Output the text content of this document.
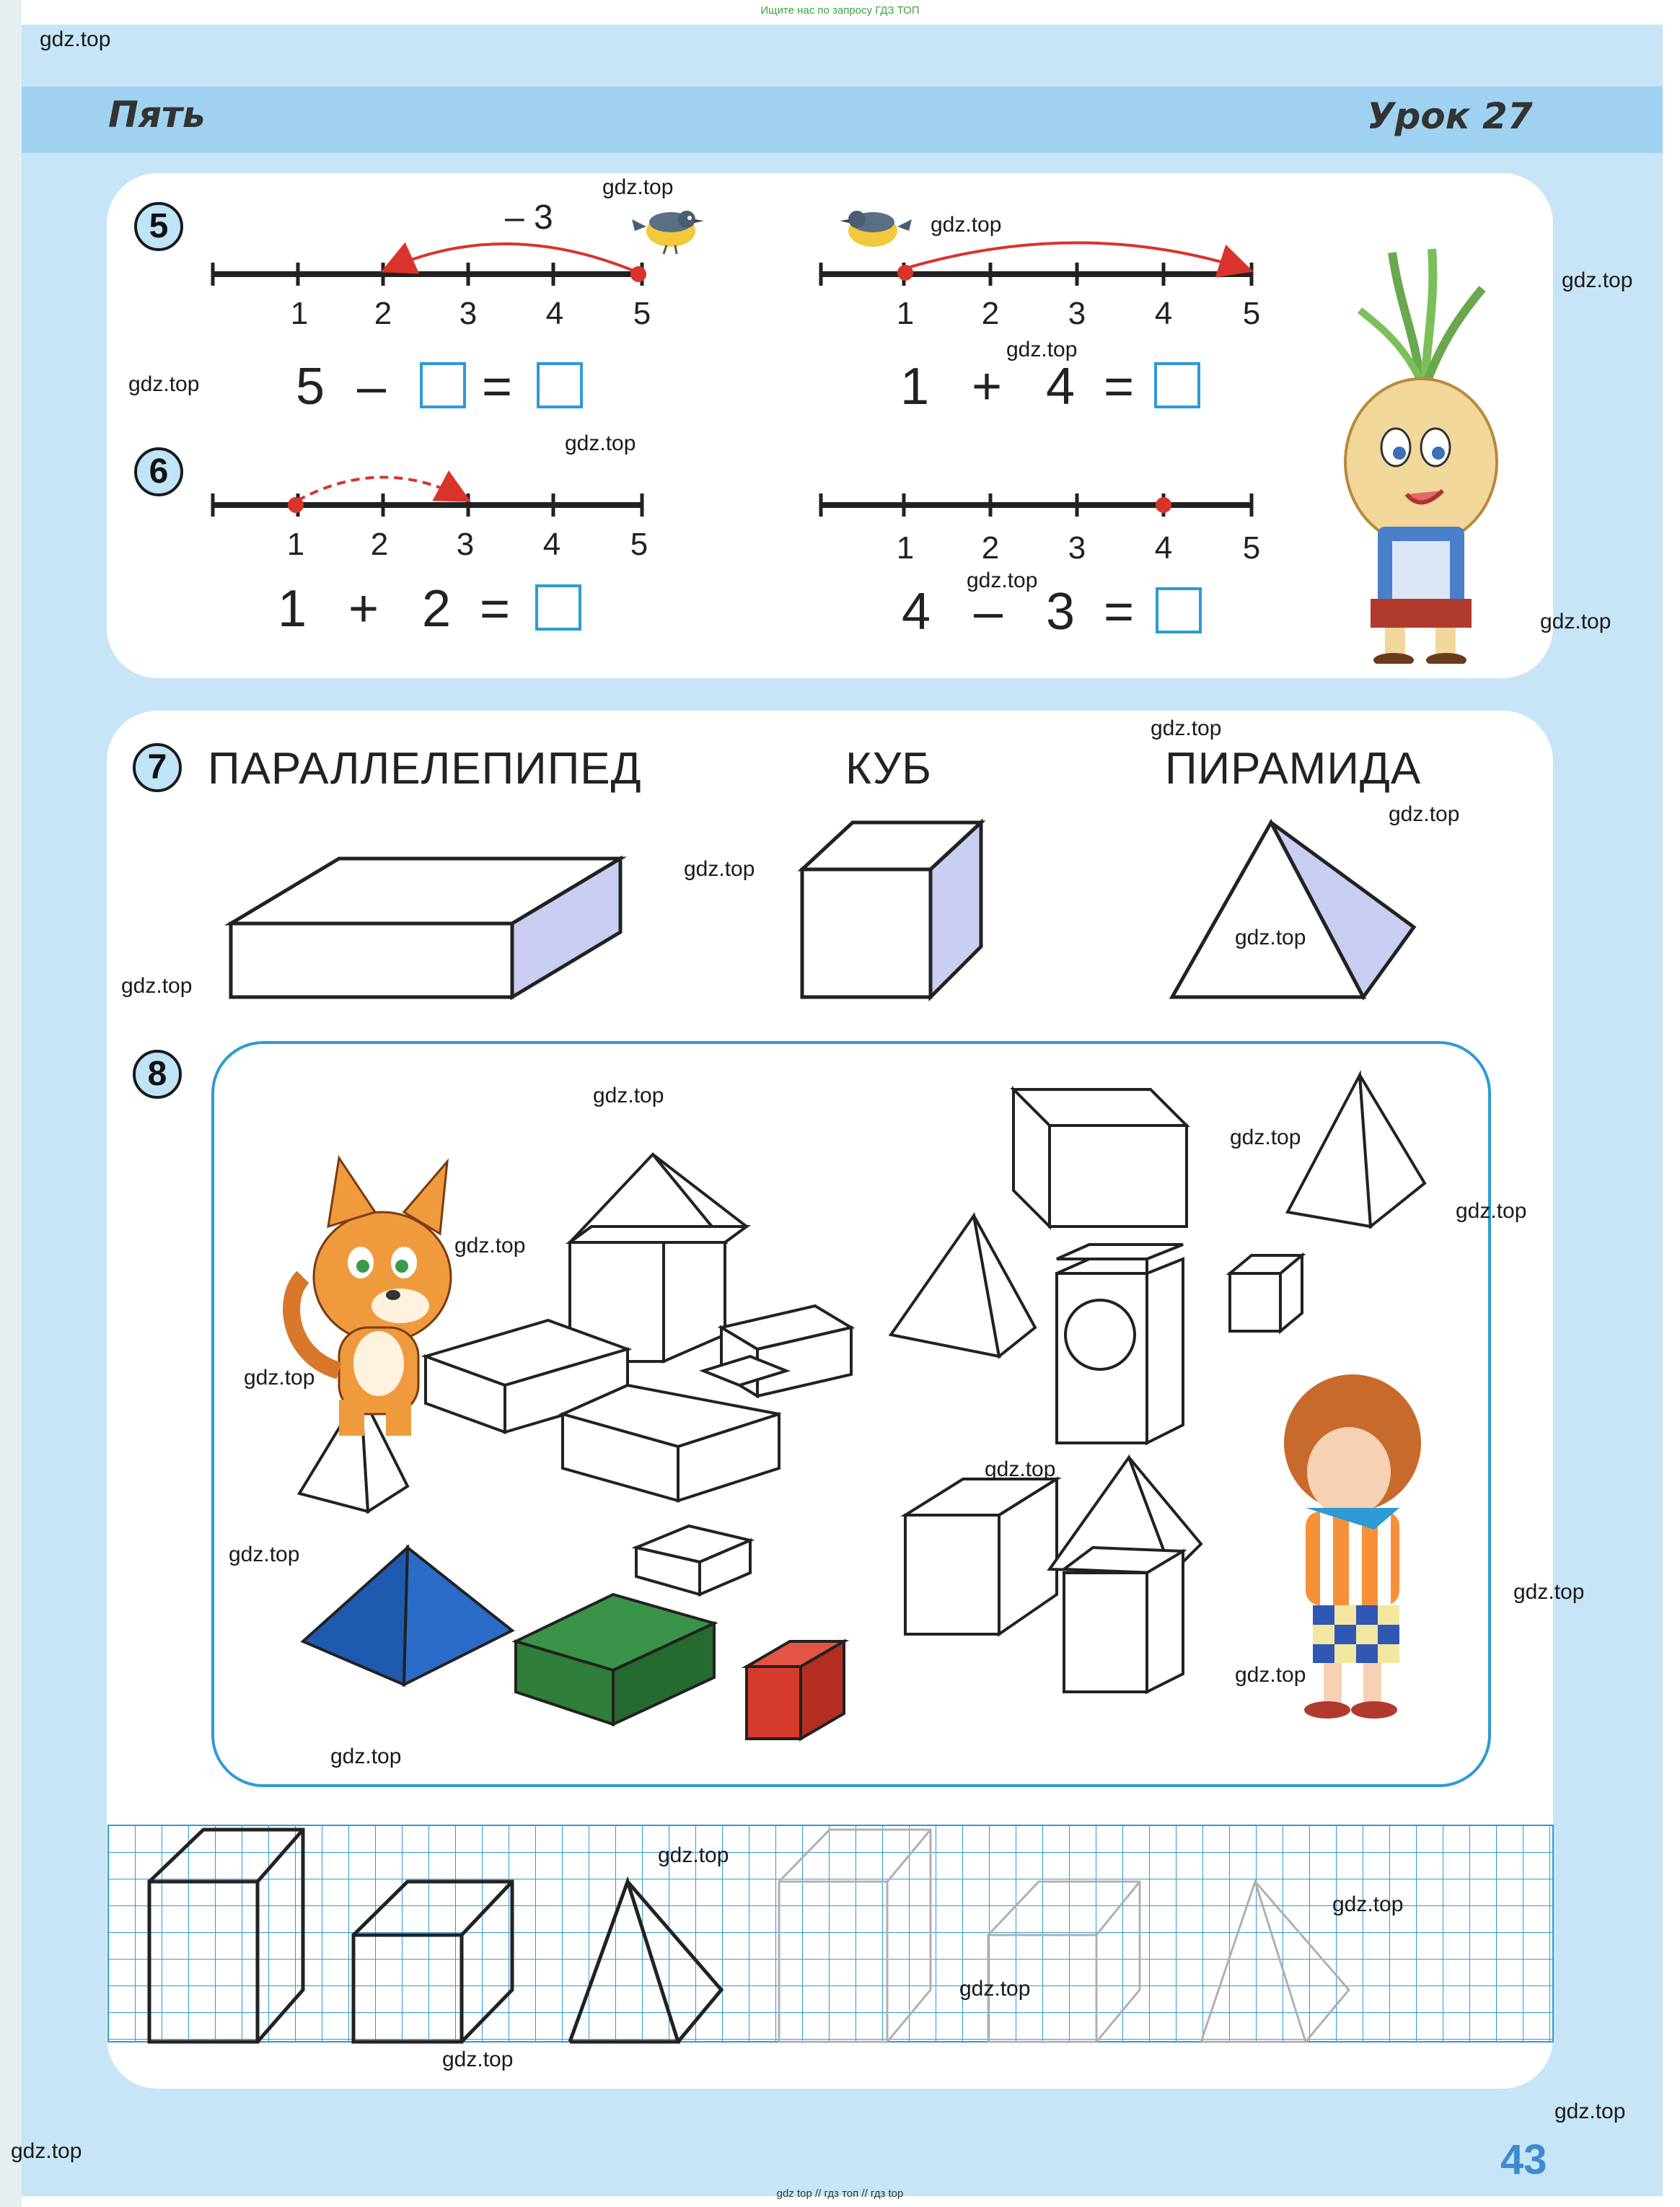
Ищите нас по запросу ГДЗ ТОП
gdz top // гдз топ // гдз top
Пять	Урок 27
5	– 3
1 2 3 4 5	1 2 3 4 5
5 – =	1 + 4 =
6
1 2 3 4 5	1 2 3 4 5
1 + 2 =	4 – 3 =
7 ПАРАЛЛЕЛЕПИПЕД	КУБ	ПИРАМИДА
8
43
gdz.top
gdz.top
gdz.top
gdz.top
gdz.top
gdz.top
gdz.top
gdz.top
gdz.top
gdz.top
gdz.top
gdz.top
gdz.top
gdz.top
gdz.top
gdz.top
gdz.top
gdz.top
gdz.top
gdz.top
gdz.top
gdz.top
gdz.top
gdz.top
gdz.top
gdz.top
gdz.top
gdz.top
gdz.top
gdz.top
